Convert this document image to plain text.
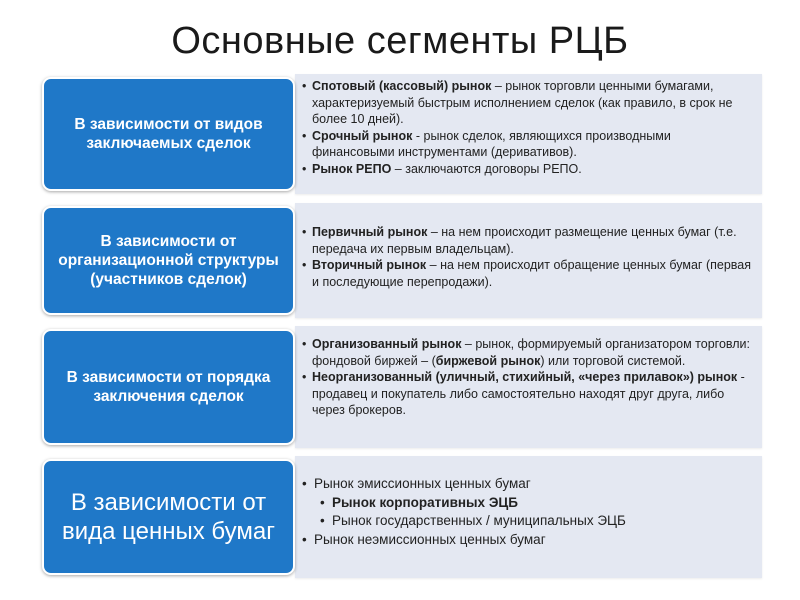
Основные сегменты РЦБ
В зависимости от видов заключаемых сделок
• Спотовый (кассовый) рынок – рынок торговли ценными бумагами, характеризуемый быстрым исполнением сделок (как правило, в срок не более 10 дней).
• Срочный рынок - рынок сделок, являющихся производными финансовыми инструментами (деривативов).
• Рынок РЕПО – заключаются договоры РЕПО.
В зависимости от организационной структуры (участников сделок)
• Первичный рынок – на нем происходит размещение ценных бумаг (т.е. передача их первым владельцам).
• Вторичный рынок – на нем происходит обращение ценных бумаг (первая и последующие перепродажи).
В зависимости от порядка заключения сделок
• Организованный рынок – рынок, формируемый организатором торговли: фондовой биржей – (биржевой рынок) или торговой системой.
• Неорганизованный (уличный, стихийный, «через прилавок») рынок - продавец и покупатель либо самостоятельно находят друг друга, либо через брокеров.
В зависимости от вида ценных бумаг
• Рынок эмиссионных ценных бумаг
• Рынок корпоративных ЭЦБ
• Рынок государственных / муниципальных ЭЦБ
• Рынок неэмиссионных ценных бумаг
